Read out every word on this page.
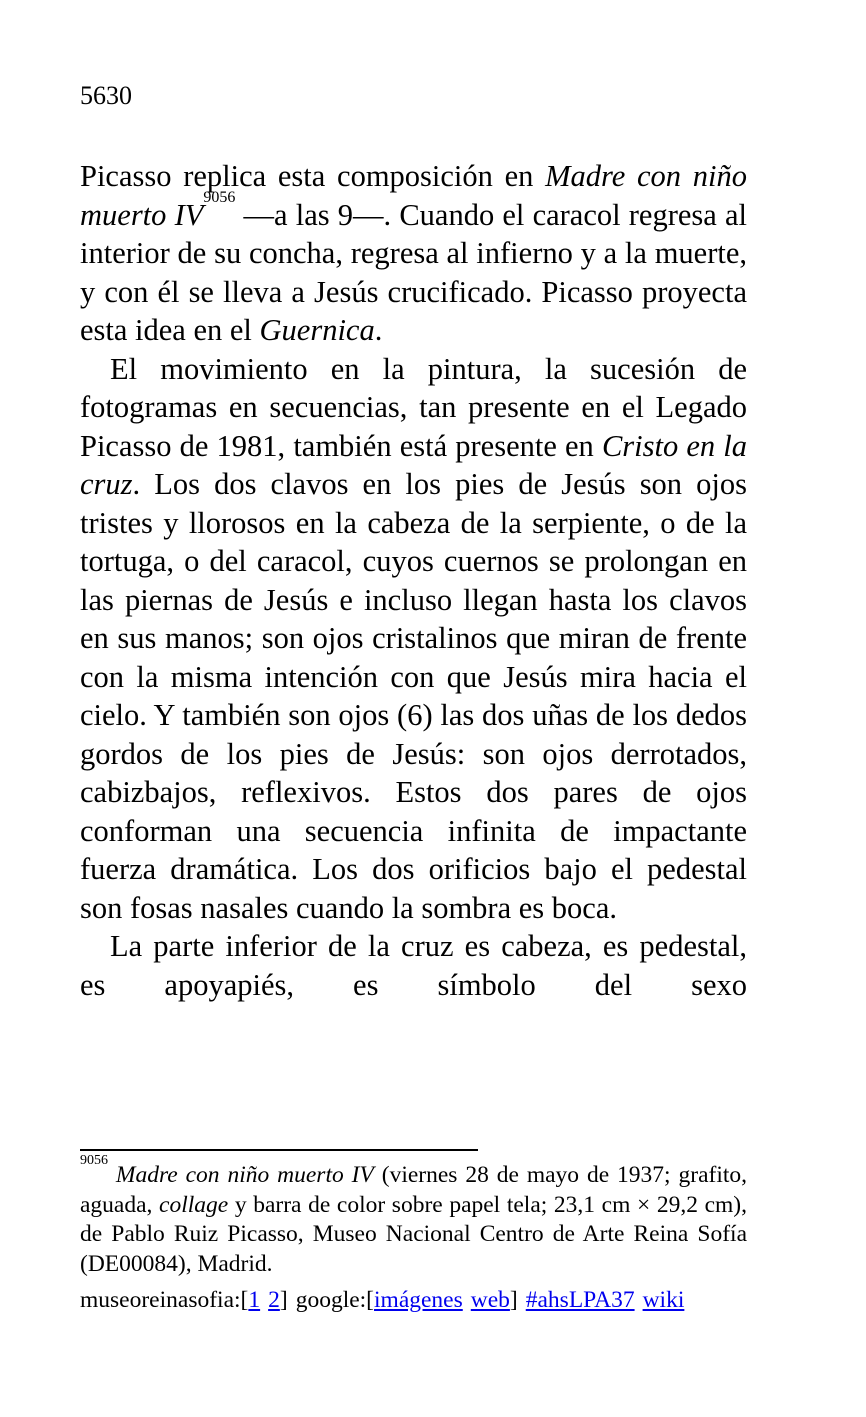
5630

Picasso replica esta composición en Madre con niño muerto IV$^{9056}$ —a las 9—. Cuando el caracol regresa al interior de su concha, regresa al infierno y a la muerte, y con él se lleva a Jesús crucificado. Picasso proyecta esta idea en el Guernica.

El movimiento en la pintura, la sucesión de fotogramas en secuencias, tan presente en el Legado Picasso de 1981, también está presente en Cristo en la cruz. Los dos clavos en los pies de Jesús son ojos tristes y llorosos en la cabeza de la serpiente, o de la tortuga, o del caracol, cuyos cuernos se prolongan en las piernas de Jesús e incluso llegan hasta los clavos en sus manos; son ojos cristalinos que miran de frente con la misma intención con que Jesús mira hacia el cielo. Y también son ojos (6) las dos uñas de los dedos gordos de los pies de Jesús: son ojos derrotados, cabizbajos, reflexivos. Estos dos pares de ojos conforman una secuencia infinita de impactante fuerza dramática. Los dos orificios bajo el pedestal son fosas nasales cuando la sombra es boca.

La parte inferior de la cruz es cabeza, es pedestal, es apoyapiés, es símbolo del sexo

$^{9056}$ Madre con niño muerto IV (viernes 28 de mayo de 1937; grafito, aguada, collage y barra de color sobre papel tela; 23,1 cm × 29,2 cm), de Pablo Ruiz Picasso, Museo Nacional Centro de Arte Reina Sofía (DE00084), Madrid.

museoreinasofia:[1 2] google:[imágenes web] #ahsLPA37 wiki
